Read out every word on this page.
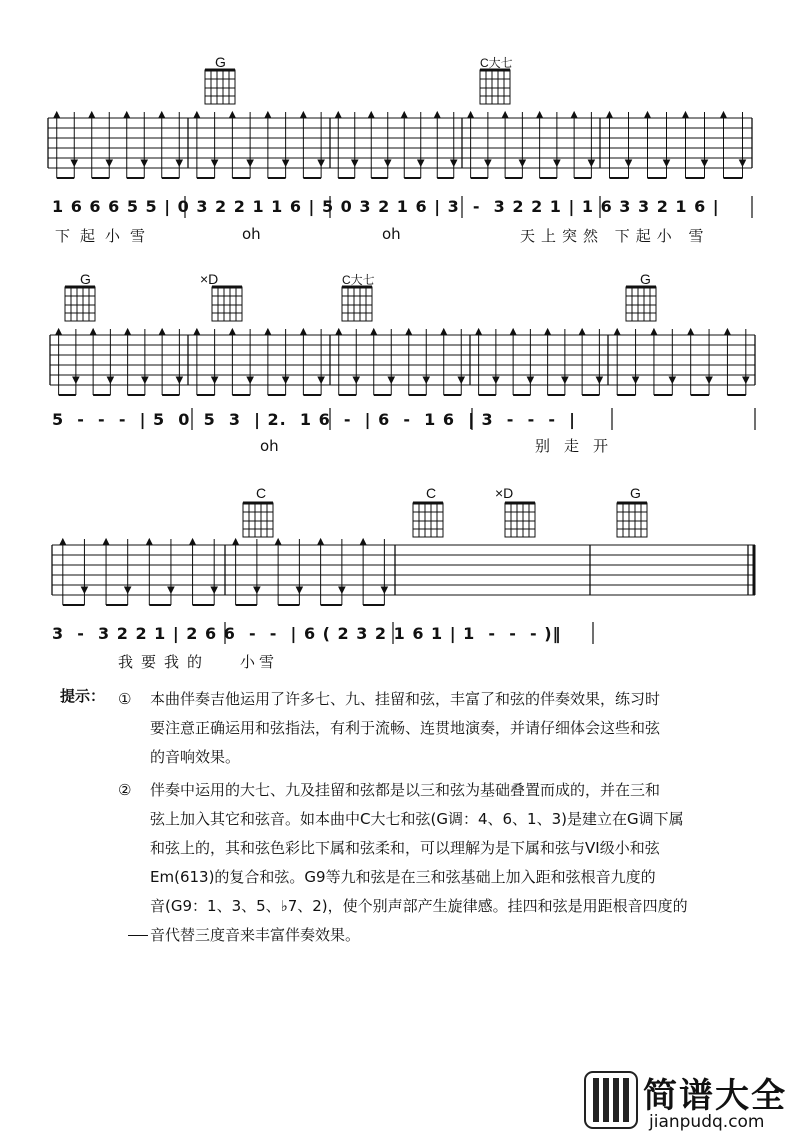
G	C大七
1 6 6 6 5 5 | 0 3 2 2 1 1 6 | 5 0 3 2 1 6 | 3  -  3 2 2 1 | 1 6 3 3 2 1 6 |
下起小雪	oh	oh	天上突然 下起小 雪
G	×D	C大七	G
5  -  -  -  | 5  0  5  3  | 2.  1 6  -  | 6  -  1 6  | 3  -  -  -  |
oh	别走开
C	C	×D	G
3  -  3 2 2 1 | 2 6 6  -  -  | 6 ( 2 3 2 1 6 1 | 1  -  -  - )‖
我要我的 小雪
提示： ① 本曲伴奏吉他运用了许多七、九、挂留和弦，丰富了和弦的伴奏效果，练习时
要注意正确运用和弦指法，有利于流畅、连贯地演奏，并请仔细体会这些和弦
的音响效果。
② 伴奏中运用的大七、九及挂留和弦都是以三和弦为基础叠置而成的，并在三和
弦上加入其它和弦音。如本曲中C大七和弦(G调：4、6、1、3)是建立在G调下属
和弦上的，其和弦色彩比下属和弦柔和，可以理解为是下属和弦与VI级小和弦
Em(613)的复合和弦。G9等九和弦是在三和弦基础上加入距和弦根音九度的
音(G9：1、3、5、♭7、2)，使个别声部产生旋律感。挂四和弦是用距根音四度的
音代替三度音来丰富伴奏效果。
简谱大全
jianpudq.com
